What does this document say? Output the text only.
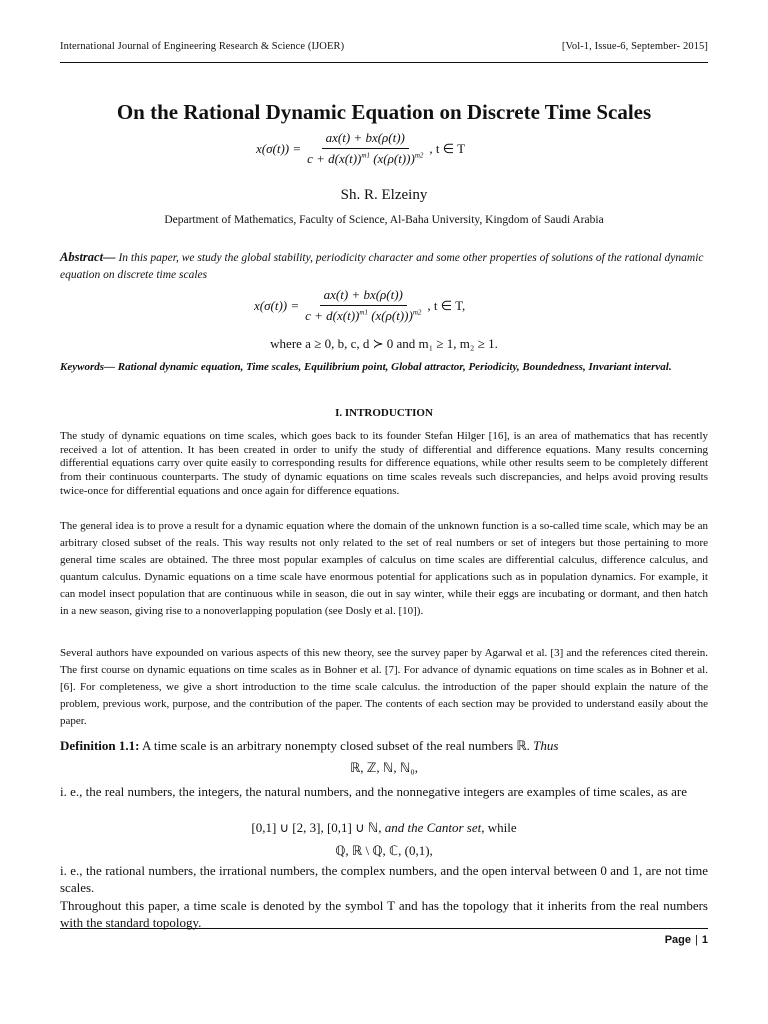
International Journal of Engineering Research & Science (IJOER)	[Vol-1, Issue-6, September- 2015]
On the Rational Dynamic Equation on Discrete Time Scales
$x(\sigma(t)) = \frac{ax(t) + bx(\rho(t))}{c + d(x(t))^{m1} (x(\rho(t)))^{m2}}$ , t ∈ T
Sh. R. Elzeiny
Department of Mathematics, Faculty of Science, Al-Baha University, Kingdom of Saudi Arabia
Abstract— In this paper, we study the global stability, periodicity character and some other properties of solutions of the rational dynamic equation on discrete time scales
$x(\sigma(t)) = \frac{ax(t) + bx(\rho(t))}{c + d(x(t))^{m1} (x(\rho(t)))^{m2}}$ , t ∈ T,
where a ≥ 0, b, c, d ≻ 0 and m₁ ≥ 1, m₂ ≥ 1.
Keywords— Rational dynamic equation, Time scales, Equilibrium point, Global attractor, Periodicity, Boundedness, Invariant interval.
I. INTRODUCTION
The study of dynamic equations on time scales, which goes back to its founder Stefan Hilger [16], is an area of mathematics that has recently received a lot of attention. It has been created in order to unify the study of differential and difference equations. Many results concerning differential equations carry over quite easily to corresponding results for difference equations, while other results seem to be completely different from their continuous counterparts. The study of dynamic equations on time scales reveals such discrepancies, and helps avoid proving results twice-once for differential equations and once again for difference equations.
The general idea is to prove a result for a dynamic equation where the domain of the unknown function is a so-called time scale, which may be an arbitrary closed subset of the reals. This way results not only related to the set of real numbers or set of integers but those pertaining to more general time scales are obtained. The three most popular examples of calculus on time scales are differential calculus, difference calculus, and quantum calculus. Dynamic equations on a time scale have enormous potential for applications such as in population dynamics. For example, it can model insect population that are continuous while in season, die out in say winter, while their eggs are incubating or dormant, and then hatch in a new season, giving rise to a nonoverlapping population (see Dosly et al. [10]).
Several authors have expounded on various aspects of this new theory, see the survey paper by Agarwal et al. [3] and the references cited therein. The first course on dynamic equations on time scales as in Bohner et al. [7]. For advance of dynamic equations on time scales as in Bohner et al. [6]. For completeness, we give a short introduction to the time scale calculus. the introduction of the paper should explain the nature of the problem, previous work, purpose, and the contribution of the paper. The contents of each section may be provided to understand easily about the paper.
Definition 1.1: A time scale is an arbitrary nonempty closed subset of the real numbers ℝ. Thus
ℝ, ℤ, ℕ, ℕ₀,
i. e., the real numbers, the integers, the natural numbers, and the nonnegative integers are examples of time scales, as are
[0,1] ∪ [2, 3], [0,1] ∪ ℕ, and the Cantor set, while
ℚ, ℝ \ ℚ, ℂ, (0,1),
i. e., the rational numbers, the irrational numbers, the complex numbers, and the open interval between 0 and 1, are not time scales.
Throughout this paper, a time scale is denoted by the symbol T and has the topology that it inherits from the real numbers with the standard topology.
Page | 1
